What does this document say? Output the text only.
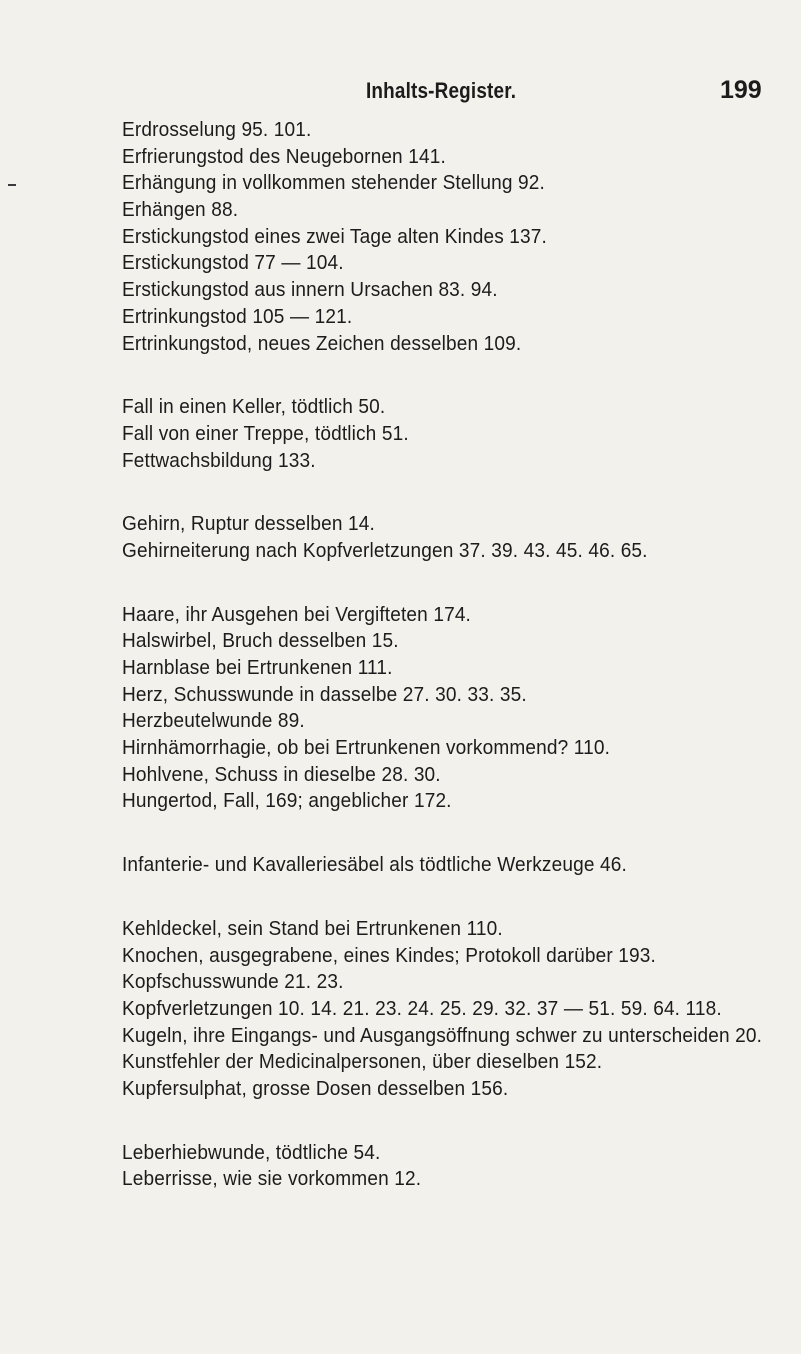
Inhalts-Register.	199
Erdrosselung 95. 101.
Erfrierungstod des Neugebornen 141.
Erhängung in vollkommen stehender Stellung 92.
Erhängen 88.
Erstickungstod eines zwei Tage alten Kindes 137.
Erstickungstod 77 — 104.
Erstickungstod aus innern Ursachen 83. 94.
Ertrinkungstod 105 — 121.
Ertrinkungstod, neues Zeichen desselben 109.
Fall in einen Keller, tödtlich 50.
Fall von einer Treppe, tödtlich 51.
Fettwachsbildung 133.
Gehirn, Ruptur desselben 14.
Gehirneiterung nach Kopfverletzungen 37. 39. 43. 45. 46. 65.
Haare, ihr Ausgehen bei Vergifteten 174.
Halswirbel, Bruch desselben 15.
Harnblase bei Ertrunkenen 111.
Herz, Schusswunde in dasselbe 27. 30. 33. 35.
Herzbeutelwunde 89.
Hirnhämorrhagie, ob bei Ertrunkenen vorkommend? 110.
Hohlvene, Schuss in dieselbe 28. 30.
Hungertod, Fall, 169; angeblicher 172.
Infanterie- und Kavalleriesäbel als tödtliche Werkzeuge 46.
Kehldeckel, sein Stand bei Ertrunkenen 110.
Knochen, ausgegrabene, eines Kindes; Protokoll darüber 193.
Kopfschusswunde 21. 23.
Kopfverletzungen 10. 14. 21. 23. 24. 25. 29. 32. 37 — 51. 59. 64. 118.
Kugeln, ihre Eingangs- und Ausgangsöffnung schwer zu unterscheiden 20.
Kunstfehler der Medicinalpersonen, über dieselben 152.
Kupfersulphat, grosse Dosen desselben 156.
Leberhiebwunde, tödtliche 54.
Leberrisse, wie sie vorkommen 12.
